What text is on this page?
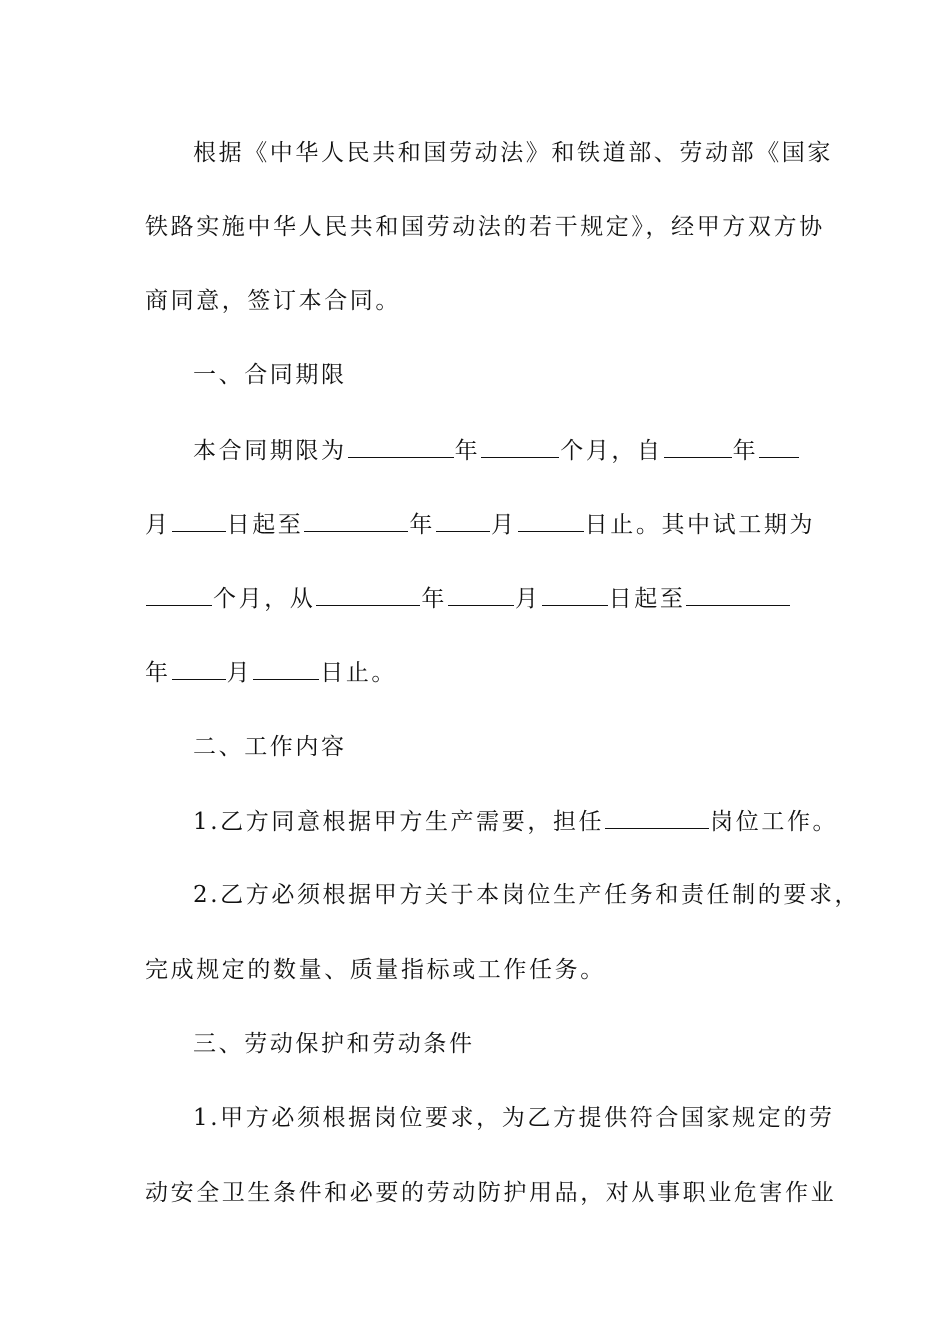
根据《中华人民共和国劳动法》和铁道部、劳动部《国家
铁路实施中华人民共和国劳动法的若干规定》，经甲方双方协
商同意，签订本合同。
一、合同期限
本合同期限为	年	个月，自	年
月 日起至	年 月	日止。其中试工期为
个月，从	年	月	日起至
年 月	日止。
二、工作内容
1.乙方同意根据甲方生产需要，担任	岗位工作。
2.乙方必须根据甲方关于本岗位生产任务和责任制的要求，
完成规定的数量、质量指标或工作任务。
三、劳动保护和劳动条件
1.甲方必须根据岗位要求，为乙方提供符合国家规定的劳
动安全卫生条件和必要的劳动防护用品，对从事职业危害作业
